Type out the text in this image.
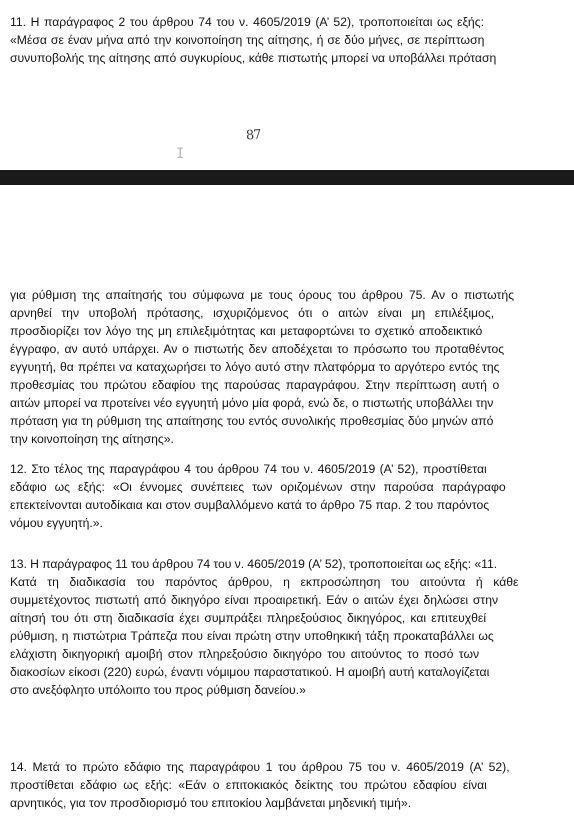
11. Η παράγραφος 2 του άρθρου 74 του ν. 4605/2019 (Α’ 52), τροποποιείται ως εξής:
«Μέσα σε έναν μήνα από την κοινοποίηση της αίτησης, ή σε δύο μήνες, σε περίπτωση
συνυποβολής της αίτησης από συγκυρίους, κάθε πιστωτής μπορεί να υποβάλλει πρόταση
87
I
για ρύθμιση της απαίτησής του σύμφωνα με τους όρους του άρθρου 75. Αν ο πιστωτής
αρνηθεί την υποβολή πρότασης, ισχυριζόμενος ότι ο αιτών είναι μη επιλέξιμος,
προσδιορίζει τον λόγο της μη επιλεξιμότητας και μεταφορτώνει το σχετικό αποδεικτικό
έγγραφο, αν αυτό υπάρχει. Αν ο πιστωτής δεν αποδέχεται το πρόσωπο του προταθέντος
εγγυητή, θα πρέπει να καταχωρήσει το λόγο αυτό στην πλατφόρμα το αργότερο εντός της
προθεσμίας του πρώτου εδαφίου της παρούσας παραγράφου. Στην περίπτωση αυτή ο
αιτών μπορεί να προτείνει νέο εγγυητή μόνο μία φορά, ενώ δε, ο πιστωτής υποβάλλει την
πρόταση για τη ρύθμιση της απαίτησης του εντός συνολικής προθεσμίας δύο μηνών από
την κοινοποίηση της αίτησης».
12. Στο τέλος της παραγράφου 4 του άρθρου 74 του ν. 4605/2019 (Α’ 52), προστίθεται
εδάφιο ως εξής: «Οι έννομες συνέπειες των οριζομένων στην παρούσα παράγραφο
επεκτείνονται αυτοδίκαια και στον συμβαλλόμενο κατά το άρθρο 75 παρ. 2 του παρόντος
νόμου εγγυητή.».
13. Η παράγραφος 11 του άρθρου 74 του ν. 4605/2019 (Α’ 52), τροποποιείται ως εξής: «11.
Κατά τη διαδικασία του παρόντος άρθρου, η εκπροσώπηση του αιτούντα ή κάθε
συμμετέχοντος πιστωτή από δικηγόρο είναι προαιρετική. Εάν ο αιτών έχει δηλώσει στην
αίτησή του ότι στη διαδικασία έχει συμπράξει πληρεξούσιος δικηγόρος, και επιτευχθεί
ρύθμιση, η πιστώτρια Τράπεζα που είναι πρώτη στην υποθηκική τάξη προκαταβάλλει ως
ελάχιστη δικηγορική αμοιβή στον πληρεξούσιο δικηγόρο του αιτούντος το ποσό των
διακοσίων είκοσι (220) ευρώ, έναντι νόμιμου παραστατικού. Η αμοιβή αυτή καταλογίζεται
στο ανεξόφλητο υπόλοιπο του προς ρύθμιση δανείου.»
14. Μετά το πρώτο εδάφιο της παραγράφου 1 του άρθρου 75 του ν. 4605/2019 (Α’ 52),
προστίθεται εδάφιο ως εξής: «Εάν ο επιτοκιακός δείκτης του πρώτου εδαφίου είναι
αρνητικός, για τον προσδιορισμό του επιτοκίου λαμβάνεται μηδενική τιμή».
